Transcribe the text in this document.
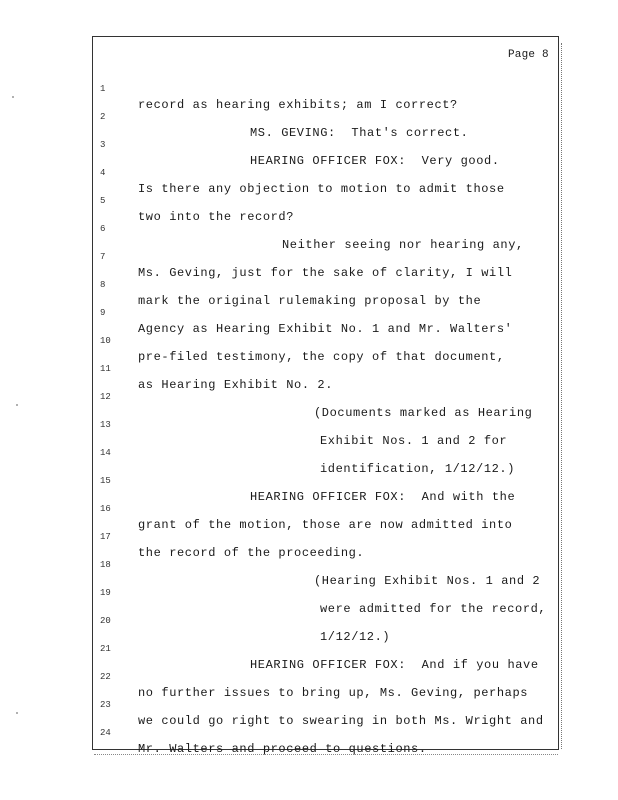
Page 8

1

record as hearing exhibits; am I correct?

2

MS. GEVING:  That's correct.

3

HEARING OFFICER FOX:  Very good.

4

Is there any objection to motion to admit those

5

two into the record?

6

Neither seeing nor hearing any,

7

Ms. Geving, just for the sake of clarity, I will

8

mark the original rulemaking proposal by the

9

Agency as Hearing Exhibit No. 1 and Mr. Walters'

10

pre-filed testimony, the copy of that document,

11

as Hearing Exhibit No. 2.

12

(Documents marked as Hearing

13

Exhibit Nos. 1 and 2 for

14

identification, 1/12/12.)

15

HEARING OFFICER FOX:  And with the

16

grant of the motion, those are now admitted into

17

the record of the proceeding.

18

(Hearing Exhibit Nos. 1 and 2

19

were admitted for the record,

20

1/12/12.)

21

HEARING OFFICER FOX:  And if you have

22

no further issues to bring up, Ms. Geving, perhaps

23

we could go right to swearing in both Ms. Wright and

24

Mr. Walters and proceed to questions.
